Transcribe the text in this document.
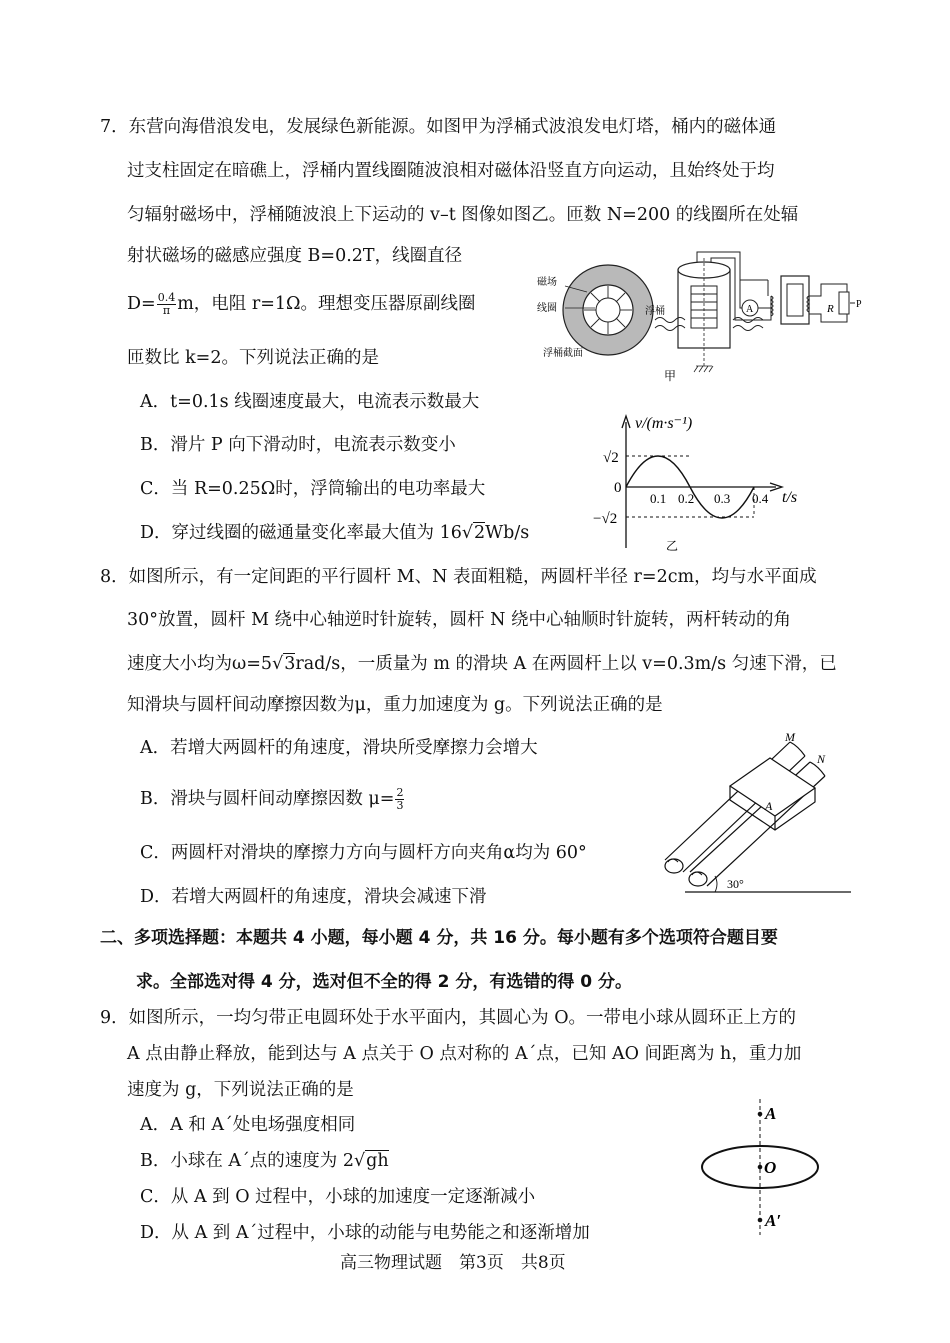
7．东营向海借浪发电，发展绿色新能源。如图甲为浮桶式波浪发电灯塔，桶内的磁体通
过支柱固定在暗礁上，浮桶内置线圈随波浪相对磁体沿竖直方向运动，且始终处于均
匀辐射磁场中，浮桶随波浪上下运动的 v–t 图像如图乙。匝数 N=200 的线圈所在处辐
射状磁场的磁感应强度 B=0.2T，线圈直径
$D= \frac{0.4}{\pi}$ m，电阻 r=1Ω。理想变压器原副线圈
匝数比 k=2。下列说法正确的是
A．t=0.1s 线圈速度最大，电流表示数最大
B．滑片 P 向下滑动时，电流表示数变小
C．当 R=0.25Ω时，浮筒输出的电功率最大
D．穿过线圈的磁通量变化率最大值为 16√2Wb/s
磁场
线圈
浮桶截面
浮桶
甲
A	R P
v/(m·s⁻¹)
t/s
√2
−√2
0
0.1 0.2 0.3 0.4
乙
8．如图所示，有一定间距的平行圆杆 M、N 表面粗糙，两圆杆半径 r=2cm，均与水平面成
30°放置，圆杆 M 绕中心轴逆时针旋转，圆杆 N 绕中心轴顺时针旋转，两杆转动的角
速度大小均为ω=5√3rad/s，一质量为 m 的滑块 A 在两圆杆上以 v=0.3m/s 匀速下滑，已
知滑块与圆杆间动摩擦因数为μ，重力加速度为 g。下列说法正确的是
A．若增大两圆杆的角速度，滑块所受摩擦力会增大
B．滑块与圆杆间动摩擦因数 $\mu= \frac{2}{3}$
C．两圆杆对滑块的摩擦力方向与圆杆方向夹角α均为 60°
D．若增大两圆杆的角速度，滑块会减速下滑
A
M
N
30°
二、多项选择题：本题共 4 小题，每小题 4 分，共 16 分。每小题有多个选项符合题目要
求。全部选对得 4 分，选对但不全的得 2 分，有选错的得 0 分。
9．如图所示，一均匀带正电圆环处于水平面内，其圆心为 O。一带电小球从圆环正上方的
A 点由静止释放，能到达与 A 点关于 O 点对称的 A´点，已知 AO 间距离为 h，重力加
速度为 g，下列说法正确的是
A．A 和 A´处电场强度相同
B．小球在 A´点的速度为 2√gh
C．从 A 到 O 过程中，小球的加速度一定逐渐减小
D．从 A 到 A´过程中，小球的动能与电势能之和逐渐增加
A
O
A′
高三物理试题　第3页　共8页
